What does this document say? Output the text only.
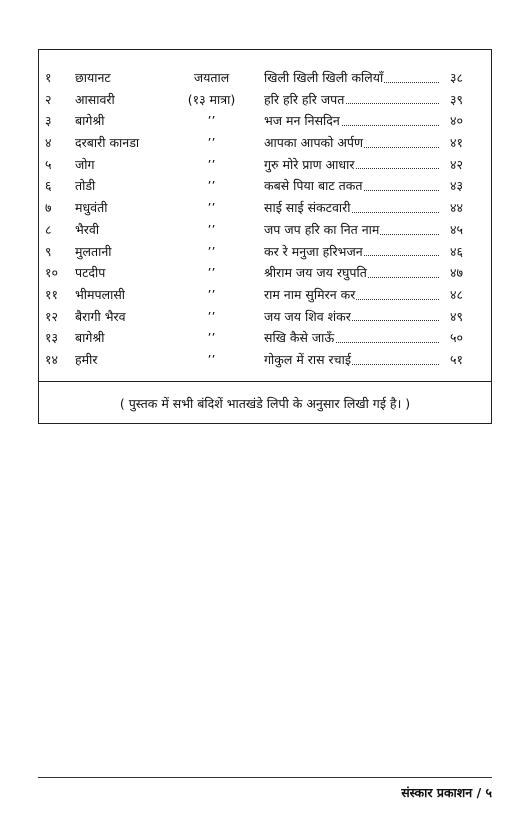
१ छायानट	जयताल	खिली खिली खिली कलियाँ	३८
२ आसावरी	(१३ मात्रा)	हरि हरि हरि जपत	३९
३ बागेश्री	’’	भज मन निसदिन	४०
४ दरबारी कानडा	’’	आपका आपको अर्पण	४१
५ जोग	’’	गुरु मोरे प्राण आधार	४२
६ तोडी	’’	कबसे पिया बाट तकत	४३
७ मधुवंती	’’	साई साई संकटवारी	४४
८ भैरवी	’’	जप जप हरि का नित नाम	४५
९ मुलतानी	’’	कर रे मनुजा हरिभजन	४६
१० पटदीप	’’	श्रीराम जय जय रघुपति	४७
११ भीमपलासी	’’	राम नाम सुमिरन कर	४८
१२ बैरागी भैरव	’’	जय जय शिव शंकर	४९
१३ बागेश्री	’’	सखि कैसे जाऊँ	५०
१४ हमीर	’’	गोकुल में रास रचाई	५१
( पुस्तक में सभी बंदिशें भातखंडे लिपी के अनुसार लिखी गई है। )
संस्कार प्रकाशन / ५
